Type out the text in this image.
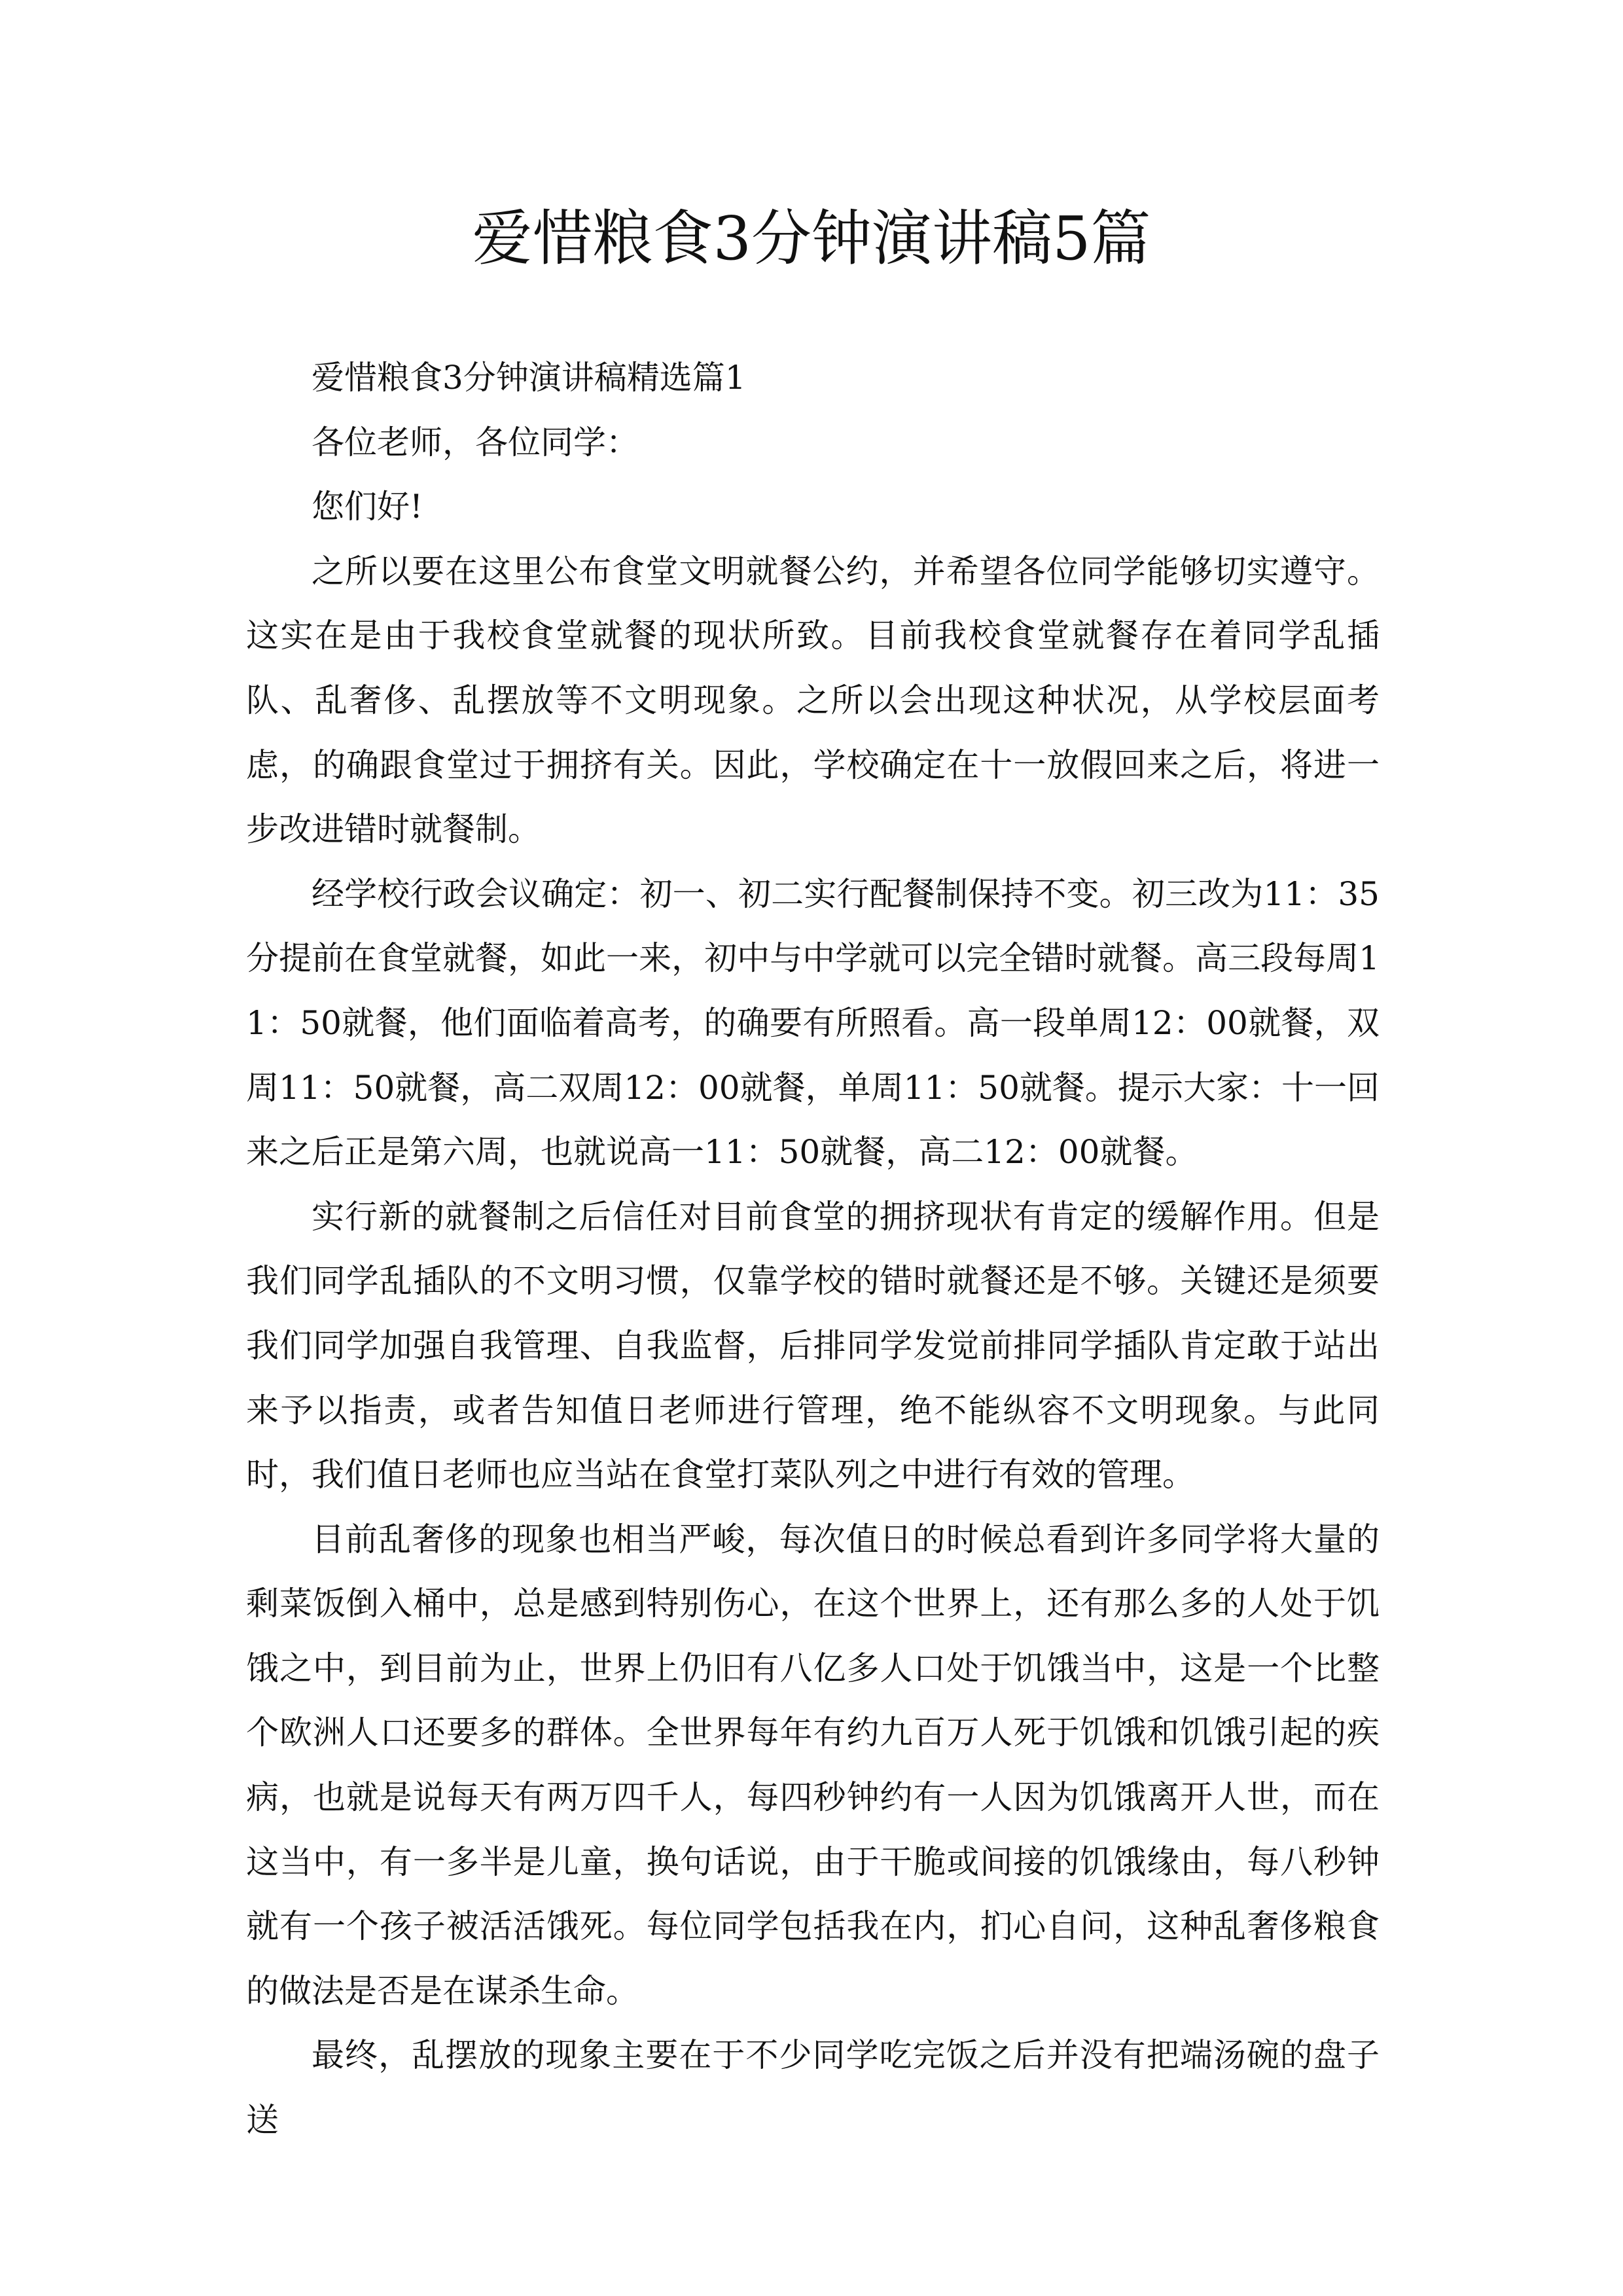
爱惜粮食3分钟演讲稿5篇

爱惜粮食3分钟演讲稿精选篇1

各位老师，各位同学：

您们好!

之所以要在这里公布食堂文明就餐公约，并希望各位同学能够切实遵守。这实在是由于我校食堂就餐的现状所致。目前我校食堂就餐存在着同学乱插队、乱奢侈、乱摆放等不文明现象。之所以会出现这种状况，从学校层面考虑，的确跟食堂过于拥挤有关。因此，学校确定在十一放假回来之后，将进一步改进错时就餐制。

经学校行政会议确定：初一、初二实行配餐制保持不变。初三改为11：35分提前在食堂就餐，如此一来，初中与中学就可以完全错时就餐。高三段每周11：50就餐，他们面临着高考，的确要有所照看。高一段单周12：00就餐，双周11：50就餐，高二双周12：00就餐，单周11：50就餐。提示大家：十一回来之后正是第六周，也就说高一11：50就餐，高二12：00就餐。

实行新的就餐制之后信任对目前食堂的拥挤现状有肯定的缓解作用。但是我们同学乱插队的不文明习惯，仅靠学校的错时就餐还是不够。关键还是须要我们同学加强自我管理、自我监督，后排同学发觉前排同学插队肯定敢于站出来予以指责，或者告知值日老师进行管理，绝不能纵容不文明现象。与此同时，我们值日老师也应当站在食堂打菜队列之中进行有效的管理。

目前乱奢侈的现象也相当严峻，每次值日的时候总看到许多同学将大量的剩菜饭倒入桶中，总是感到特别伤心，在这个世界上，还有那么多的人处于饥饿之中，到目前为止，世界上仍旧有八亿多人口处于饥饿当中，这是一个比整个欧洲人口还要多的群体。全世界每年有约九百万人死于饥饿和饥饿引起的疾病，也就是说每天有两万四千人，每四秒钟约有一人因为饥饿离开人世，而在这当中，有一多半是儿童，换句话说，由于干脆或间接的饥饿缘由，每八秒钟就有一个孩子被活活饿死。每位同学包括我在内，扪心自问，这种乱奢侈粮食的做法是否是在谋杀生命。

最终，乱摆放的现象主要在于不少同学吃完饭之后并没有把端汤碗的盘子送
